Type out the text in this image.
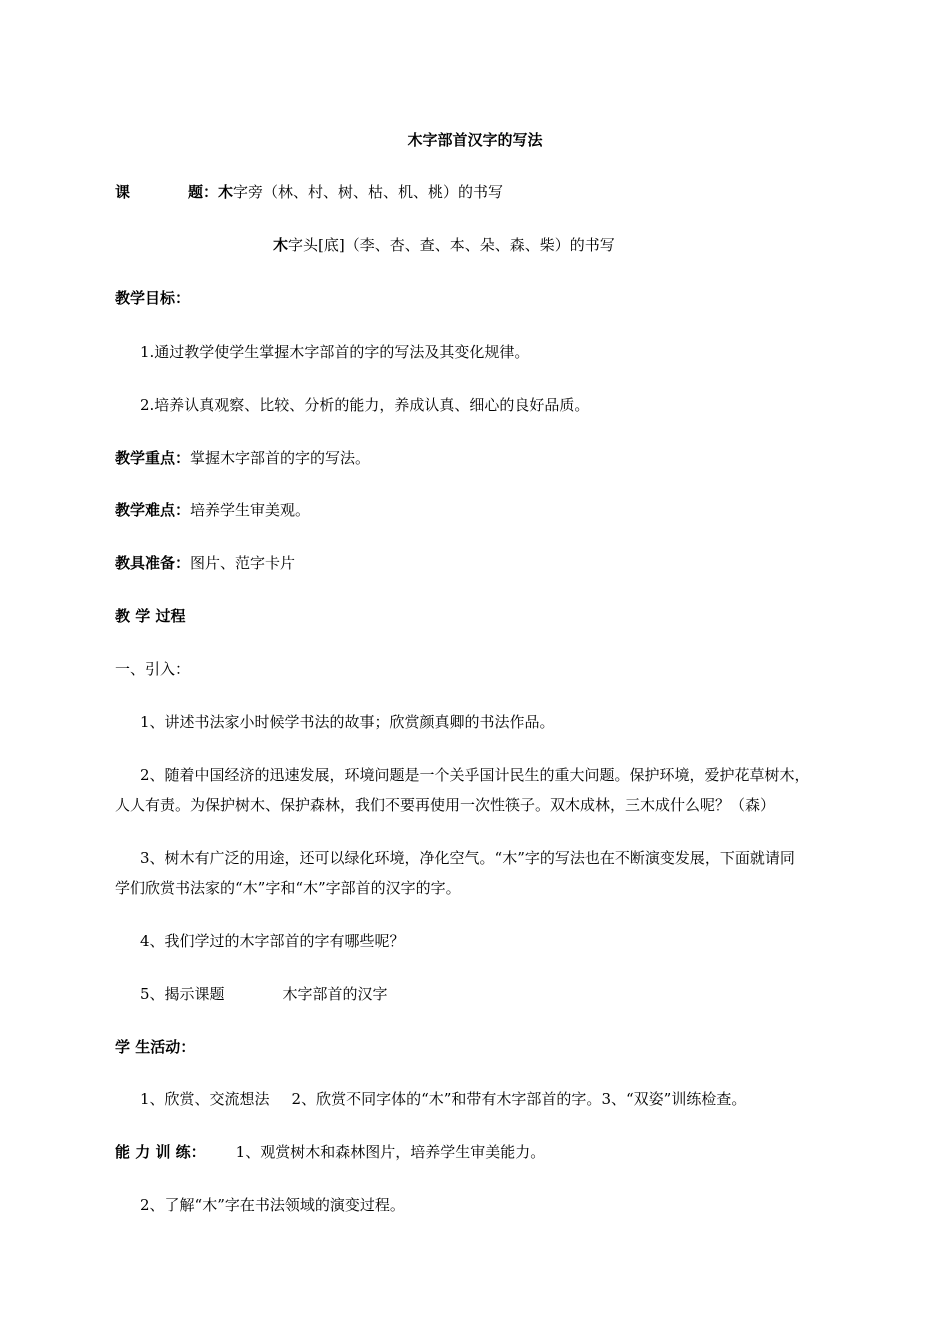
木字部首汉字的写法
课	题：木字旁（林、村、树、枯、机、桃）的书写
木字头[底]（李、杏、查、本、朵、森、柴）的书写
教学目标：
1.通过教学使学生掌握木字部首的字的写法及其变化规律。
2.培养认真观察、比较、分析的能力，养成认真、细心的良好品质。
教学重点：掌握木字部首的字的写法。
教学难点：培养学生审美观。
教具准备：图片、范字卡片
教 学 过程
一、引入：
1、讲述书法家小时候学书法的故事；欣赏颜真卿的书法作品。
2、随着中国经济的迅速发展，环境问题是一个关乎国计民生的重大问题。保护环境，爱护花草树木，
人人有责。为保护树木、保护森林，我们不要再使用一次性筷子。双木成林，三木成什么呢？（森）
3、树木有广泛的用途，还可以绿化环境，净化空气。“木”字的写法也在不断演变发展，下面就请同
学们欣赏书法家的“木”字和“木”字部首的汉字的字。
4、我们学过的木字部首的字有哪些呢？
5、揭示课题	木字部首的汉字
学 生活动：
1、欣赏、交流想法 2、欣赏不同字体的“木”和带有木字部首的字。3、“双姿”训练检查。
能 力 训 练： 1、观赏树木和森林图片，培养学生审美能力。
2、了解“木”字在书法领域的演变过程。
